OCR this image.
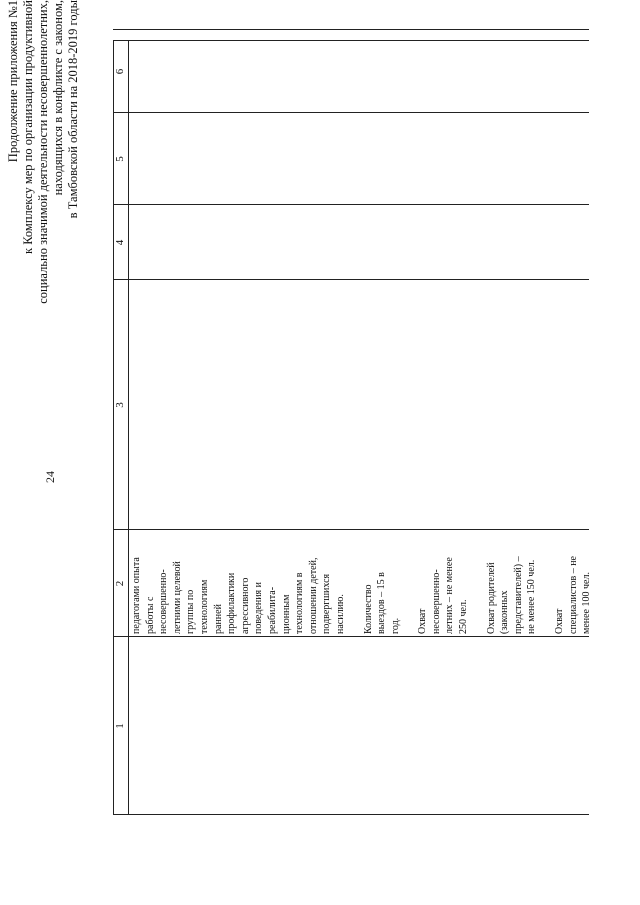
24
Продолжение приложения №1 к Комплексу мер по организации продуктивной социально значимой деятельности несовершеннолетних, находящихся в конфликте с законом, в Тамбовской области на 2018-2019 годы
1
2
3
4
5
6
педагогами опыта работы с несовершенно- летними целевой группы по технологиям ранней профилактики агрессивного поведения и реабилита- ционным технологиям в отношении детей, подвергшихся насилию. Количество выездов – 15 в год. Охват несовершенно- летних – не менее 250 чел. Охват родителей (законных представителей) – не менее 150 чел. Охват специалистов – не менее 100 чел.
